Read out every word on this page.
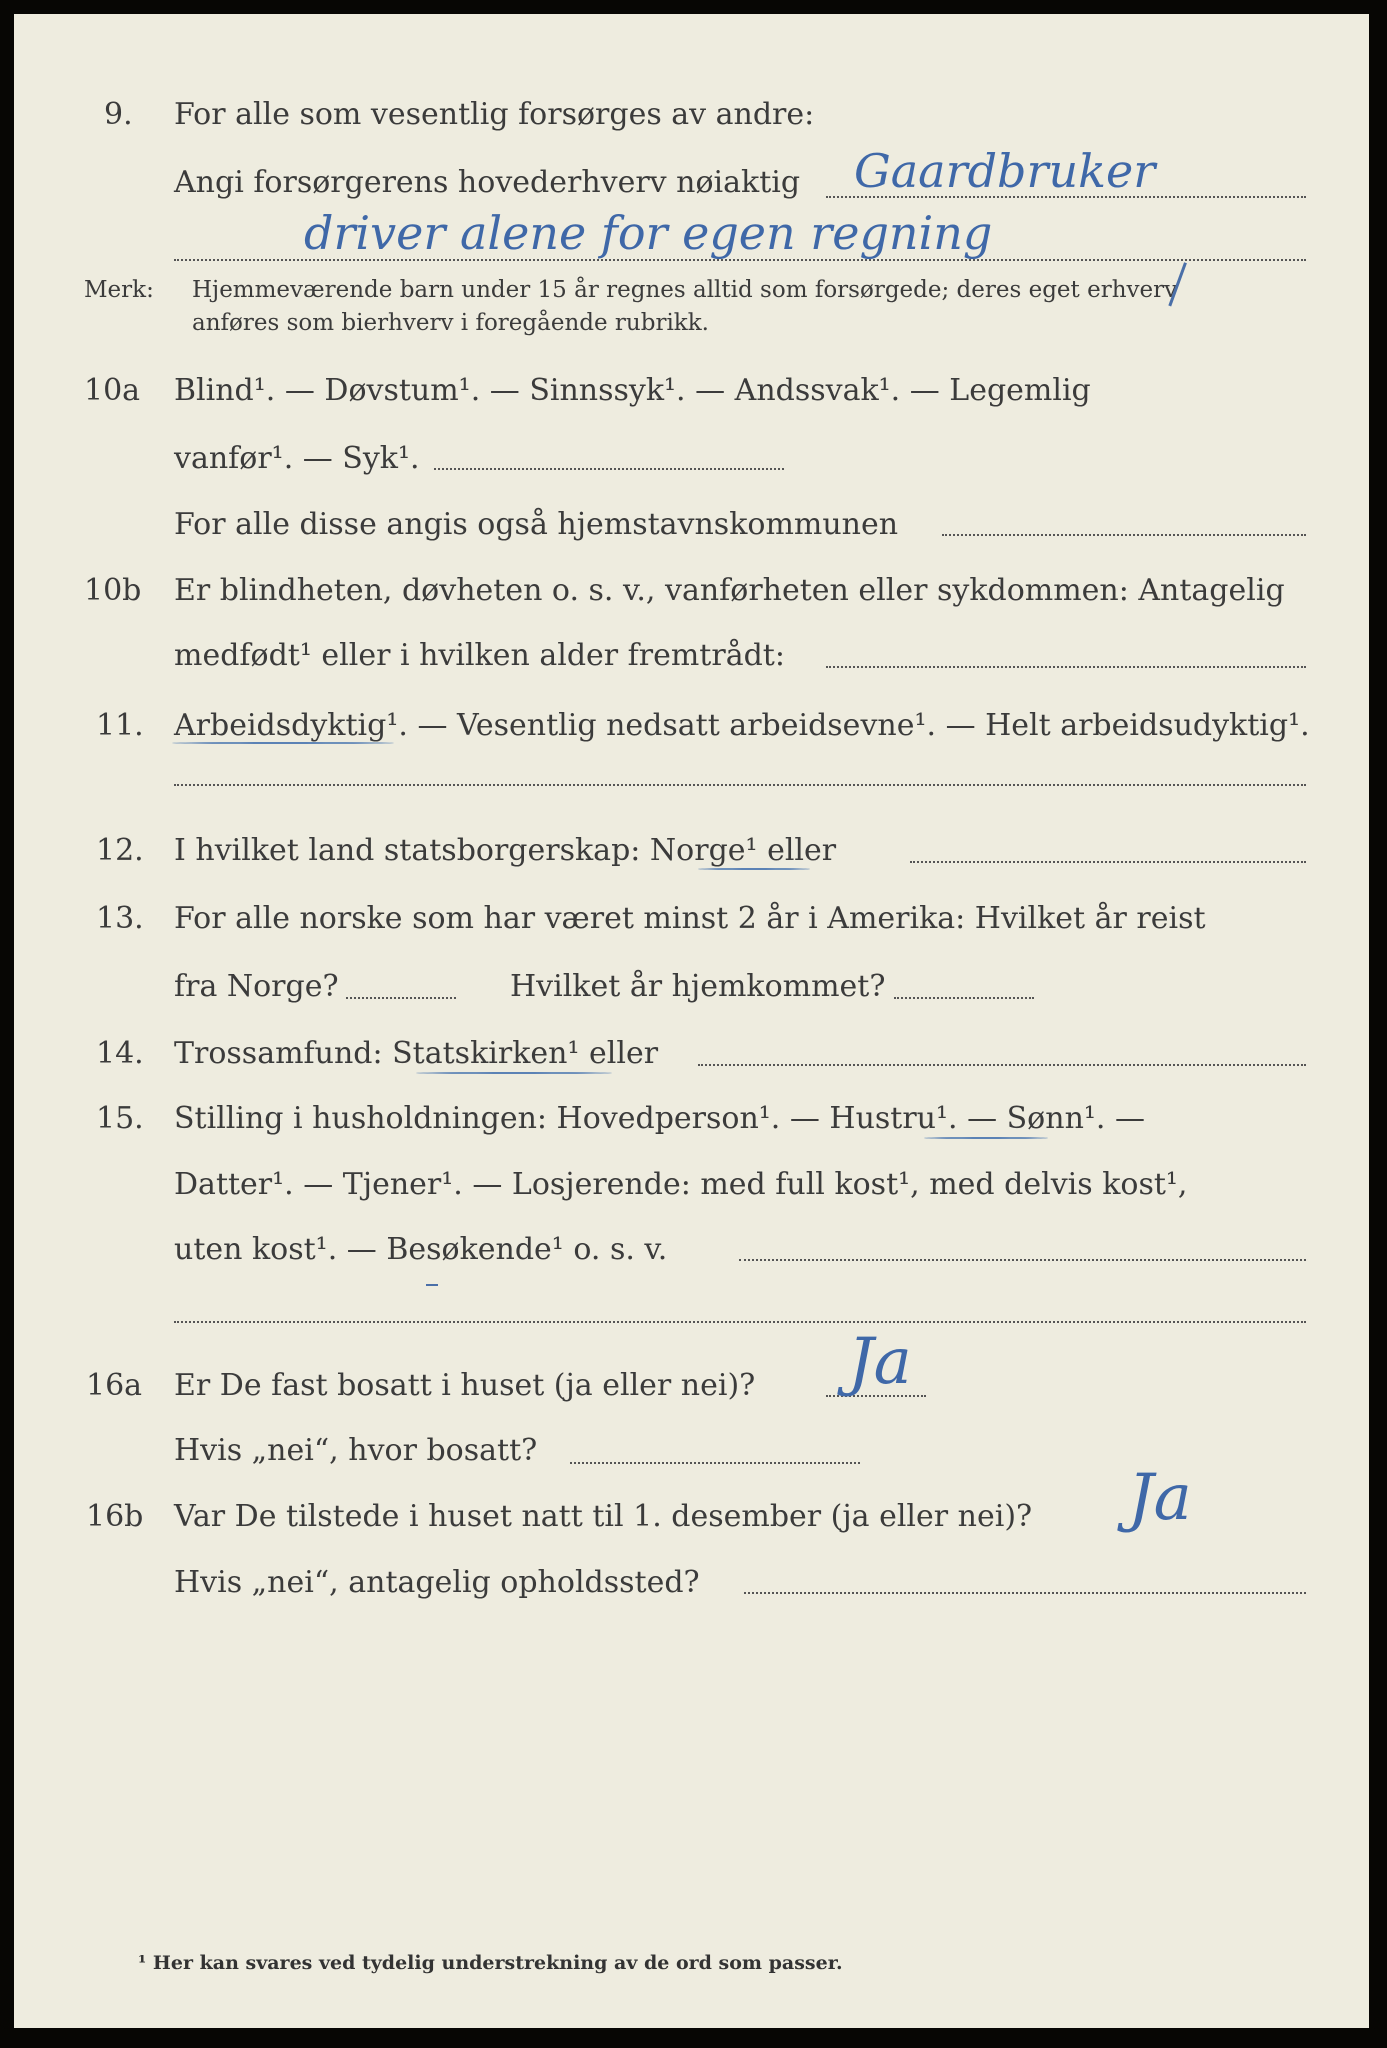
9. For alle som vesentlig forsørges av andre:
Angi forsørgerens hovederhverv nøiaktig Gaardbruker
driver alene for egen regning
Merk: Hjemmeværende barn under 15 år regnes alltid som forsørgede; deres eget erhverv
anføres som bierhverv i foregående rubrikk.
10a Blind¹. — Døvstum¹. — Sinnssyk¹. — Andssvak¹. — Legemlig
vanfør¹. — Syk¹.
For alle disse angis også hjemstavnskommunen
10b Er blindheten, døvheten o. s. v., vanførheten eller sykdommen: Antagelig
medfødt¹ eller i hvilken alder fremtrådt:
11. Arbeidsdyktig¹. — Vesentlig nedsatt arbeidsevne¹. — Helt arbeidsudyktig¹.
12. I hvilket land statsborgerskap: Norge¹ eller
13. For alle norske som har været minst 2 år i Amerika: Hvilket år reist
fra Norge?	Hvilket år hjemkommet?
14. Trossamfund: Statskirken¹ eller
15. Stilling i husholdningen: Hovedperson¹. — Hustru¹. — Sønn¹. —
Datter¹. — Tjener¹. — Losjerende: med full kost¹, med delvis kost¹,
uten kost¹. — Besøkende¹ o. s. v.
16a Er De fast bosatt i huset (ja eller nei)? Ja
Hvis „nei“, hvor bosatt?
16b Var De tilstede i huset natt til 1. desember (ja eller nei)? Ja
Hvis „nei“, antagelig opholdssted?
¹ Her kan svares ved tydelig understrekning av de ord som passer.
